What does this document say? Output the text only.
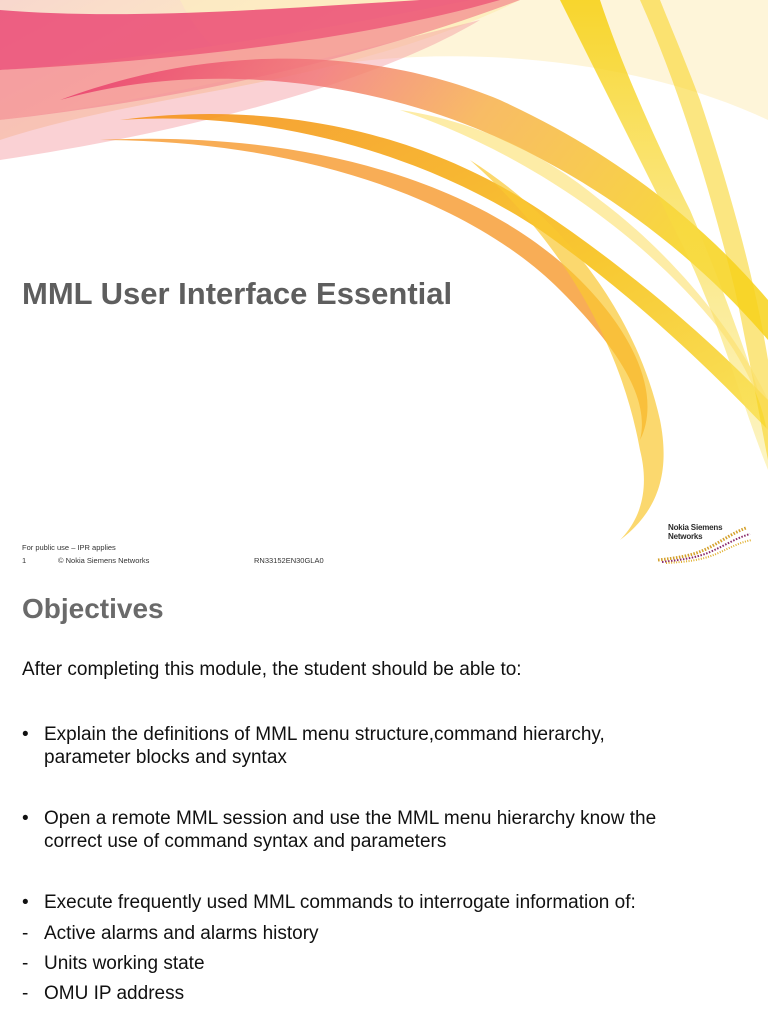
MML User Interface Essential
For public use – IPR applies
1	© Nokia Siemens Networks	RN33152EN30GLA0
Nokia Siemens
Networks
Objectives
After completing this module, the student should be able to:
• Explain the definitions of MML menu structure,command hierarchy,
parameter blocks and syntax
• Open a remote MML session and use the MML menu hierarchy know the
correct use of command syntax and parameters
• Execute frequently used MML commands to interrogate information of:
- Active alarms and alarms history
- Units working state
- OMU IP address
